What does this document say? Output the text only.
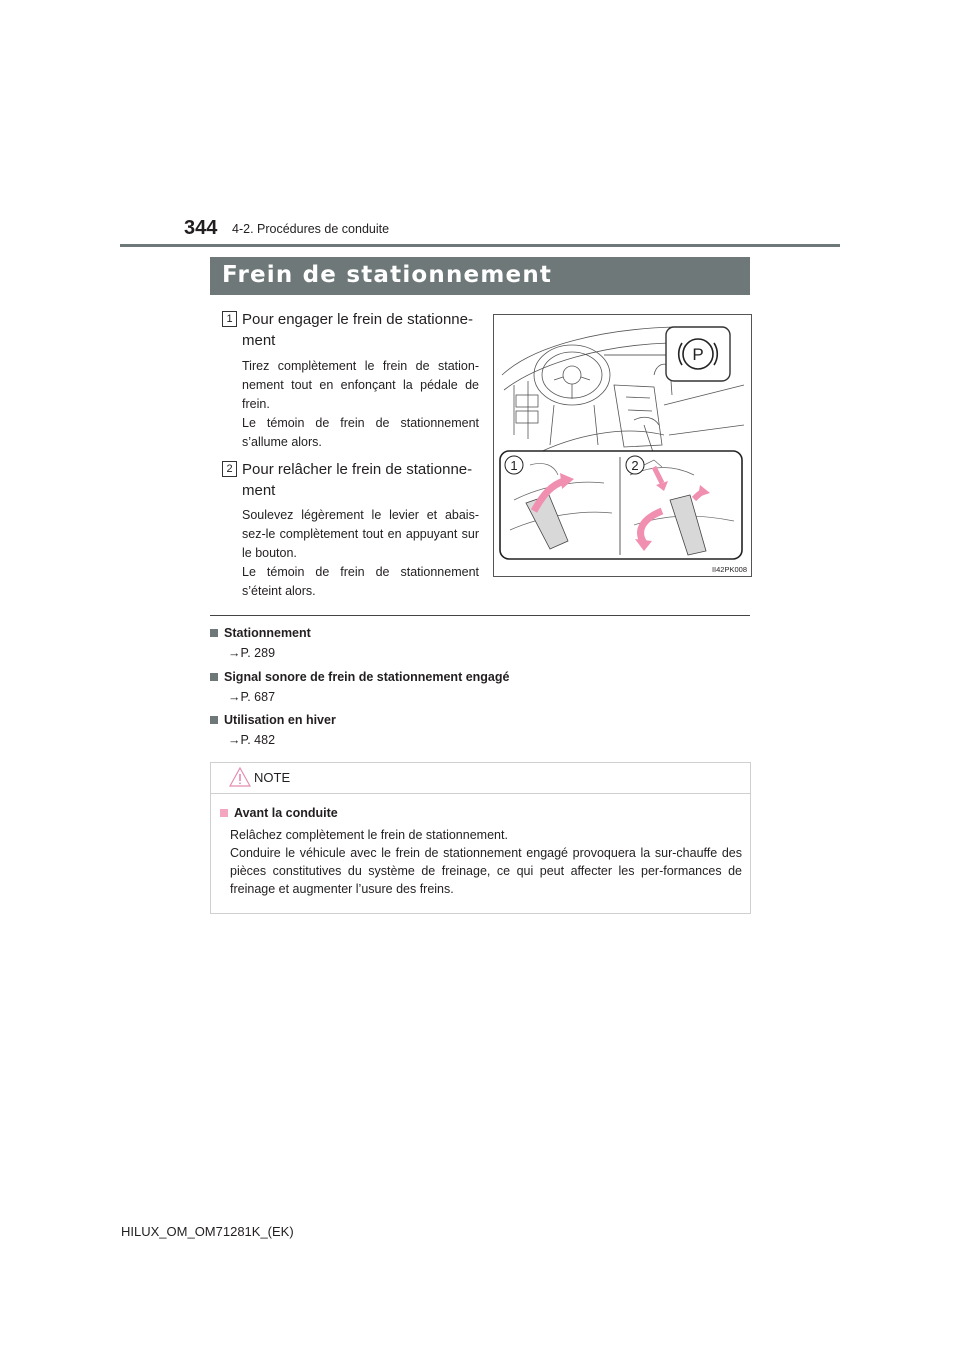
344 4-2. Procédures de conduite
Frein de stationnement
1 Pour engager le frein de stationne-
ment

Tirez complètement le frein de station-nement tout en enfonçant la pédale de frein.

Le témoin de frein de stationnement s’allume alors.

2 Pour relâcher le frein de stationne-
ment

Soulevez légèrement le levier et abais-sez-le complètement tout en appuyant sur le bouton.

Le témoin de frein de stationnement s’éteint alors.

P
1	2
II42PK008
Stationnement
→P. 289
Signal sonore de frein de stationnement engagé
→P. 687
Utilisation en hiver
→P. 482
NOTE
Avant la conduite

Relâchez complètement le frein de stationnement.

Conduire le véhicule avec le frein de stationnement engagé provoquera la sur-chauffe des pièces constitutives du système de freinage, ce qui peut affecter les per-formances de freinage et augmenter l’usure des freins.

HILUX_OM_OM71281K_(EK)
